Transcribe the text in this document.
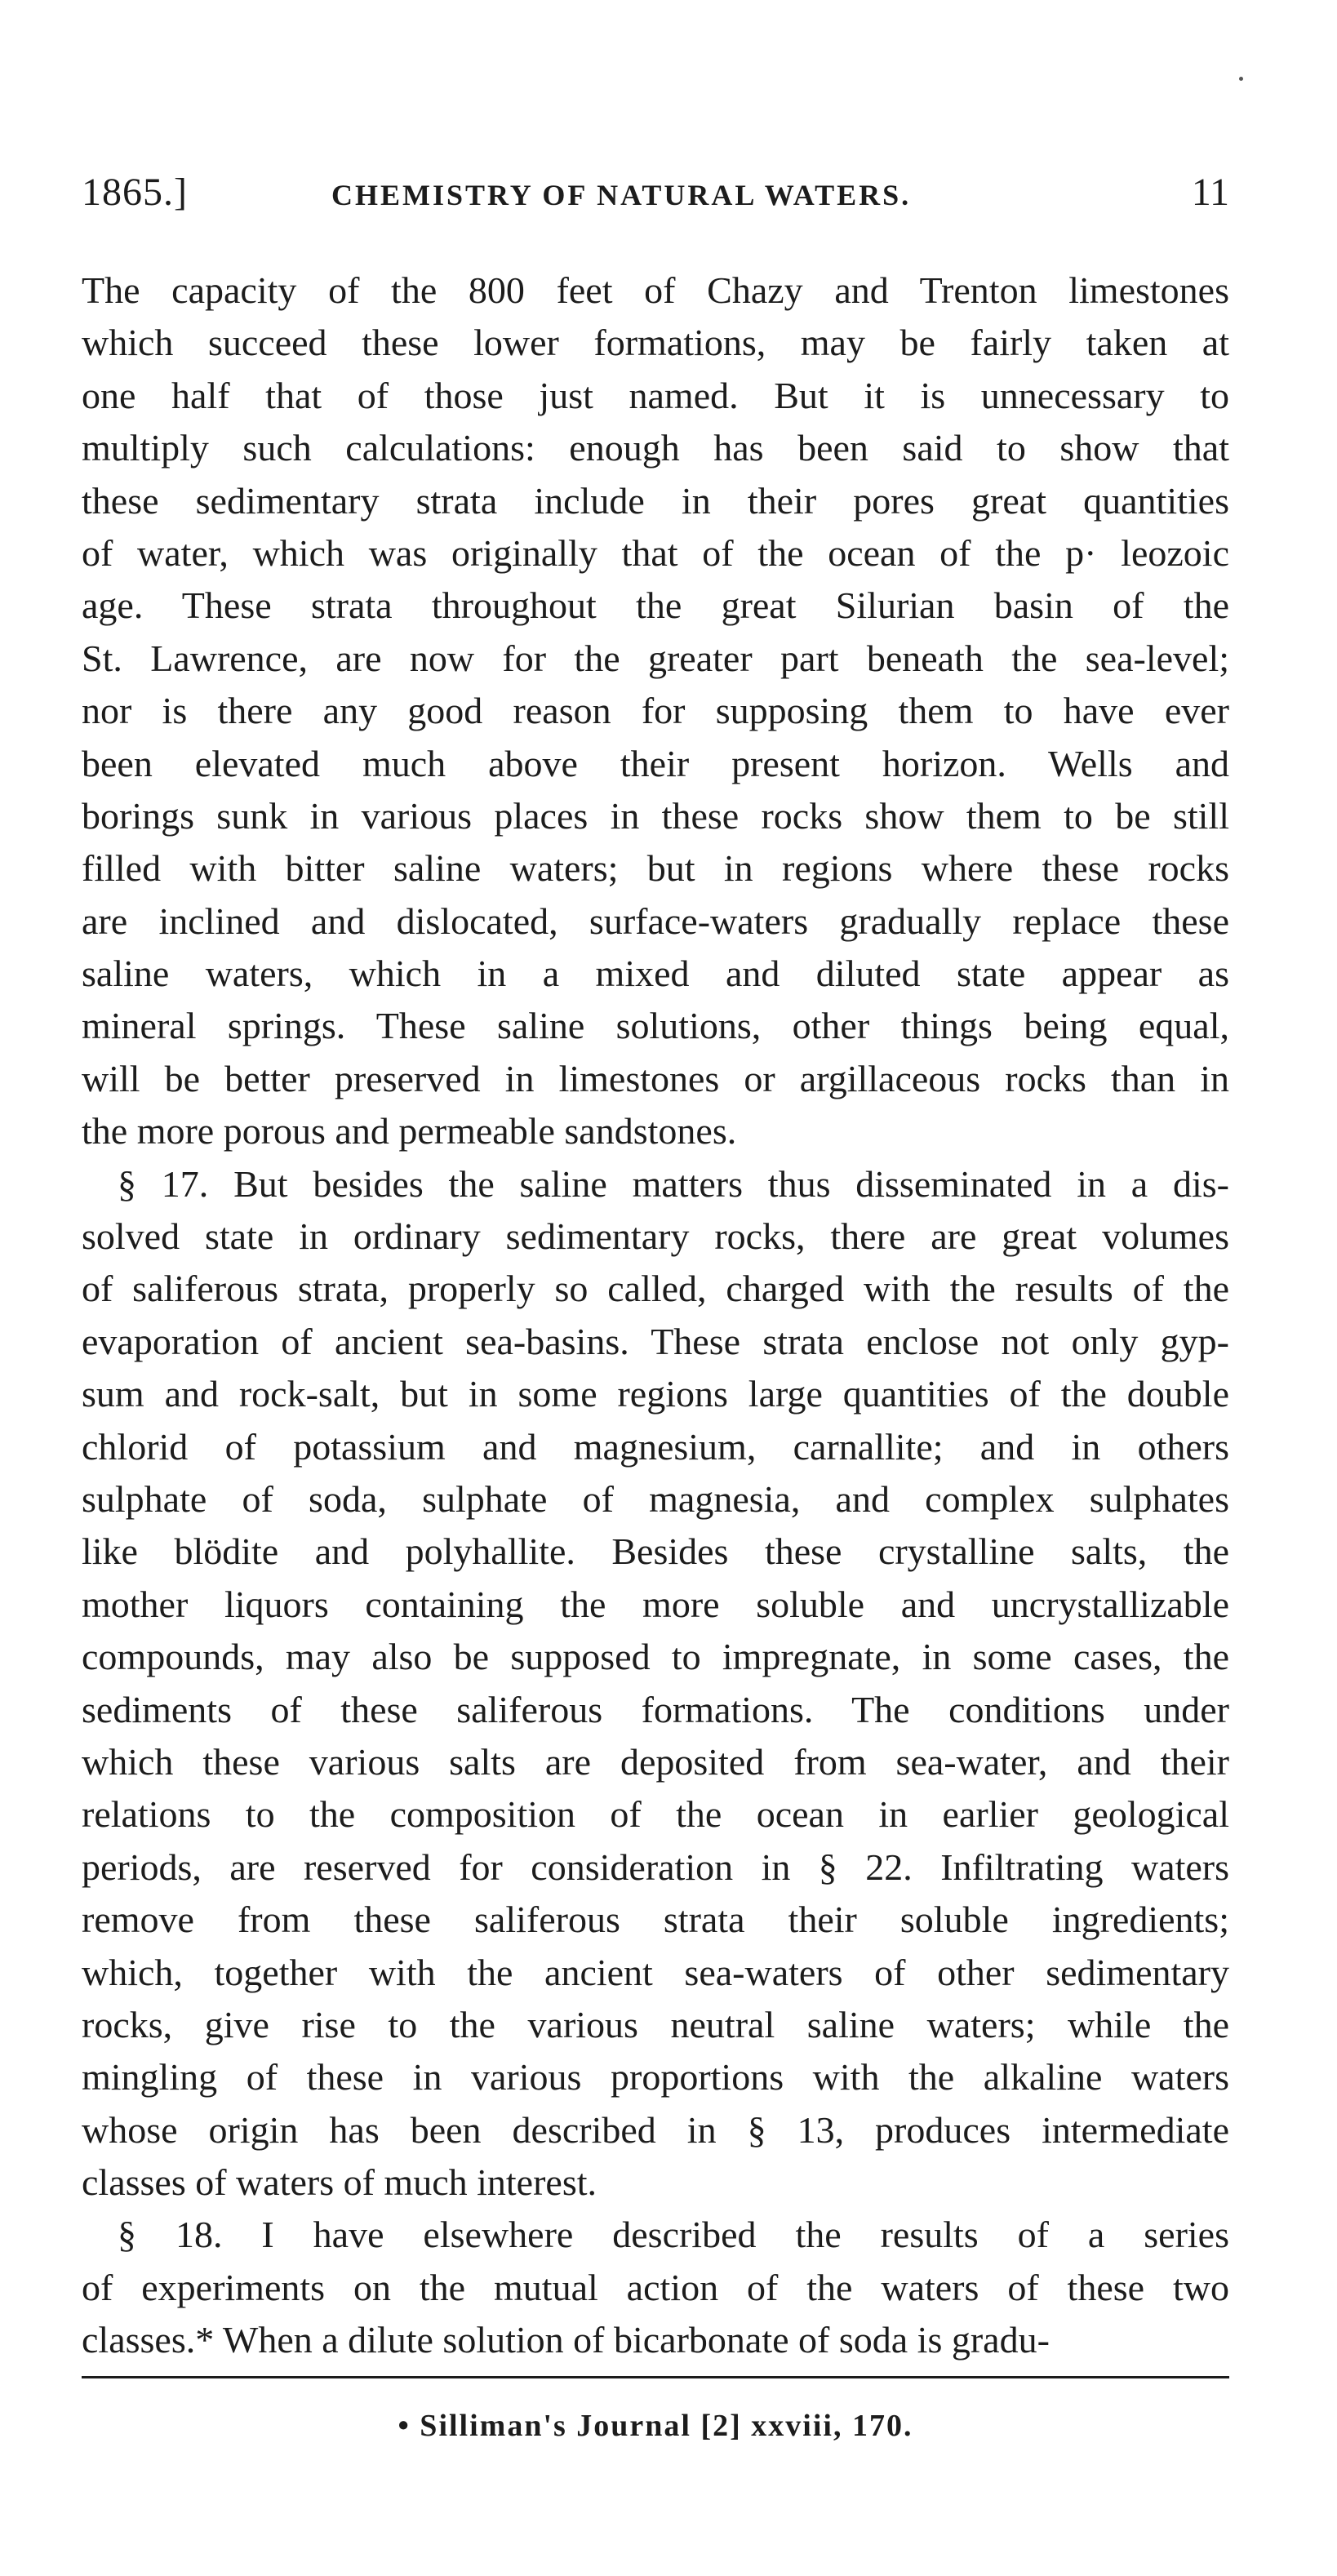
1865.]	CHEMISTRY OF NATURAL WATERS.	11
The capacity of the 800 feet of Chazy and Trenton limestones
which succeed these lower formations, may be fairly taken at
one half that of those just named. But it is unnecessary to
multiply such calculations: enough has been said to show that
these sedimentary strata include in their pores great quantities
of water, which was originally that of the ocean of the p· leozoic
age. These strata throughout the great Silurian basin of the
St. Lawrence, are now for the greater part beneath the sea-level;
nor is there any good reason for supposing them to have ever
been elevated much above their present horizon. Wells and
borings sunk in various places in these rocks show them to be still
filled with bitter saline waters; but in regions where these rocks
are inclined and dislocated, surface-waters gradually replace these
saline waters, which in a mixed and diluted state appear as
mineral springs. These saline solutions, other things being equal,
will be better preserved in limestones or argillaceous rocks than in
the more porous and permeable sandstones.
§ 17. But besides the saline matters thus disseminated in a dis-
solved state in ordinary sedimentary rocks, there are great volumes
of saliferous strata, properly so called, charged with the results of the
evaporation of ancient sea-basins. These strata enclose not only gyp-
sum and rock-salt, but in some regions large quantities of the double
chlorid of potassium and magnesium, carnallite; and in others
sulphate of soda, sulphate of magnesia, and complex sulphates
like blödite and polyhallite. Besides these crystalline salts, the
mother liquors containing the more soluble and uncrystallizable
compounds, may also be supposed to impregnate, in some cases, the
sediments of these saliferous formations. The conditions under
which these various salts are deposited from sea-water, and their
relations to the composition of the ocean in earlier geological
periods, are reserved for consideration in § 22. Infiltrating waters
remove from these saliferous strata their soluble ingredients;
which, together with the ancient sea-waters of other sedimentary
rocks, give rise to the various neutral saline waters; while the
mingling of these in various proportions with the alkaline waters
whose origin has been described in § 13, produces intermediate
classes of waters of much interest.
§ 18. I have elsewhere described the results of a series
of experiments on the mutual action of the waters of these two
classes.* When a dilute solution of bicarbonate of soda is gradu-
• Silliman's Journal [2] xxviii, 170.
